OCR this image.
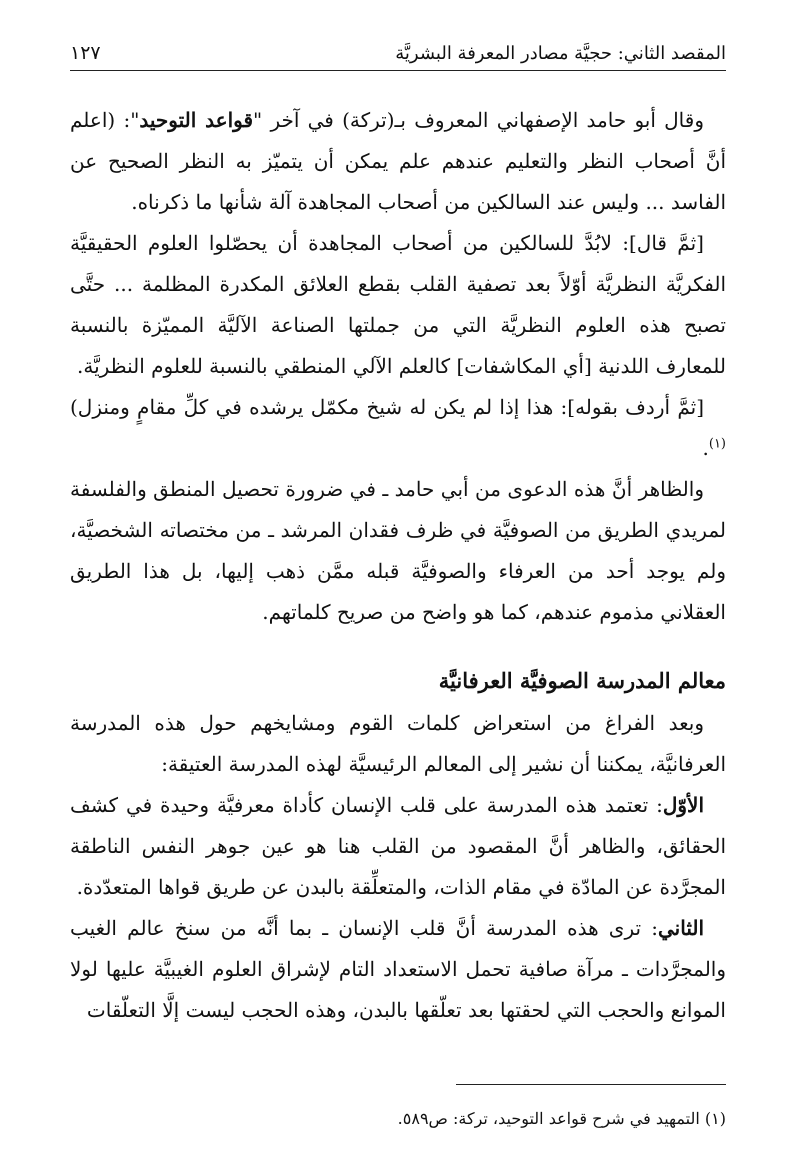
المقصد الثاني: حجيَّة مصادر المعرفة البشريَّة
١٢٧

وقال أبو حامد الإصفهاني المعروف بـ(تركة) في آخر "قواعد التوحيد": (اعلم أنَّ أصحاب النظر والتعليم عندهم علم يمكن أن يتميّز به النظر الصحيح عن الفاسد ... وليس عند السالكين من أصحاب المجاهدة آلة شأنها ما ذكرناه.

[ثمَّ قال]: لابُدَّ للسالكين من أصحاب المجاهدة أن يحصّلوا العلوم الحقيقيَّة الفكريَّة النظريَّة أوّلاً بعد تصفية القلب بقطع العلائق المكدرة المظلمة ... حتَّى تصبح هذه العلوم النظريَّة التي من جملتها الصناعة الآليَّة المميّزة بالنسبة للمعارف اللدنية [أي المكاشفات] كالعلم الآلي المنطقي بالنسبة للعلوم النظريَّة.

[ثمَّ أردف بقوله]: هذا إذا لم يكن له شيخ مكمّل يرشده في كلِّ مقامٍ ومنزل)$^{(١)}$.

والظاهر أنَّ هذه الدعوى من أبي حامد ـ في ضرورة تحصيل المنطق والفلسفة لمريدي الطريق من الصوفيَّة في ظرف فقدان المرشد ـ من مختصاته الشخصيَّة، ولم يوجد أحد من العرفاء والصوفيَّة قبله ممَّن ذهب إليها، بل هذا الطريق العقلاني مذموم عندهم، كما هو واضح من صريح كلماتهم.

معالم المدرسة الصوفيَّة العرفانيَّة

وبعد الفراغ من استعراض كلمات القوم ومشايخهم حول هذه المدرسة العرفانيَّة، يمكننا أن نشير إلى المعالم الرئيسيَّة لهذه المدرسة العتيقة:

الأوّل: تعتمد هذه المدرسة على قلب الإنسان كأداة معرفيَّة وحيدة في كشف الحقائق، والظاهر أنَّ المقصود من القلب هنا هو عين جوهر النفس الناطقة المجرَّدة عن المادّة في مقام الذات، والمتعلِّقة بالبدن عن طريق قواها المتعدّدة.

الثاني: ترى هذه المدرسة أنَّ قلب الإنسان ـ بما أنَّه من سنخ عالم الغيب والمجرَّدات ـ مرآة صافية تحمل الاستعداد التام لإشراق العلوم الغيبيَّة عليها لولا الموانع والحجب التي لحقتها بعد تعلّقها بالبدن، وهذه الحجب ليست إلَّا التعلّقات

(١) التمهيد في شرح قواعد التوحيد، تركة: ص٥٨٩.
